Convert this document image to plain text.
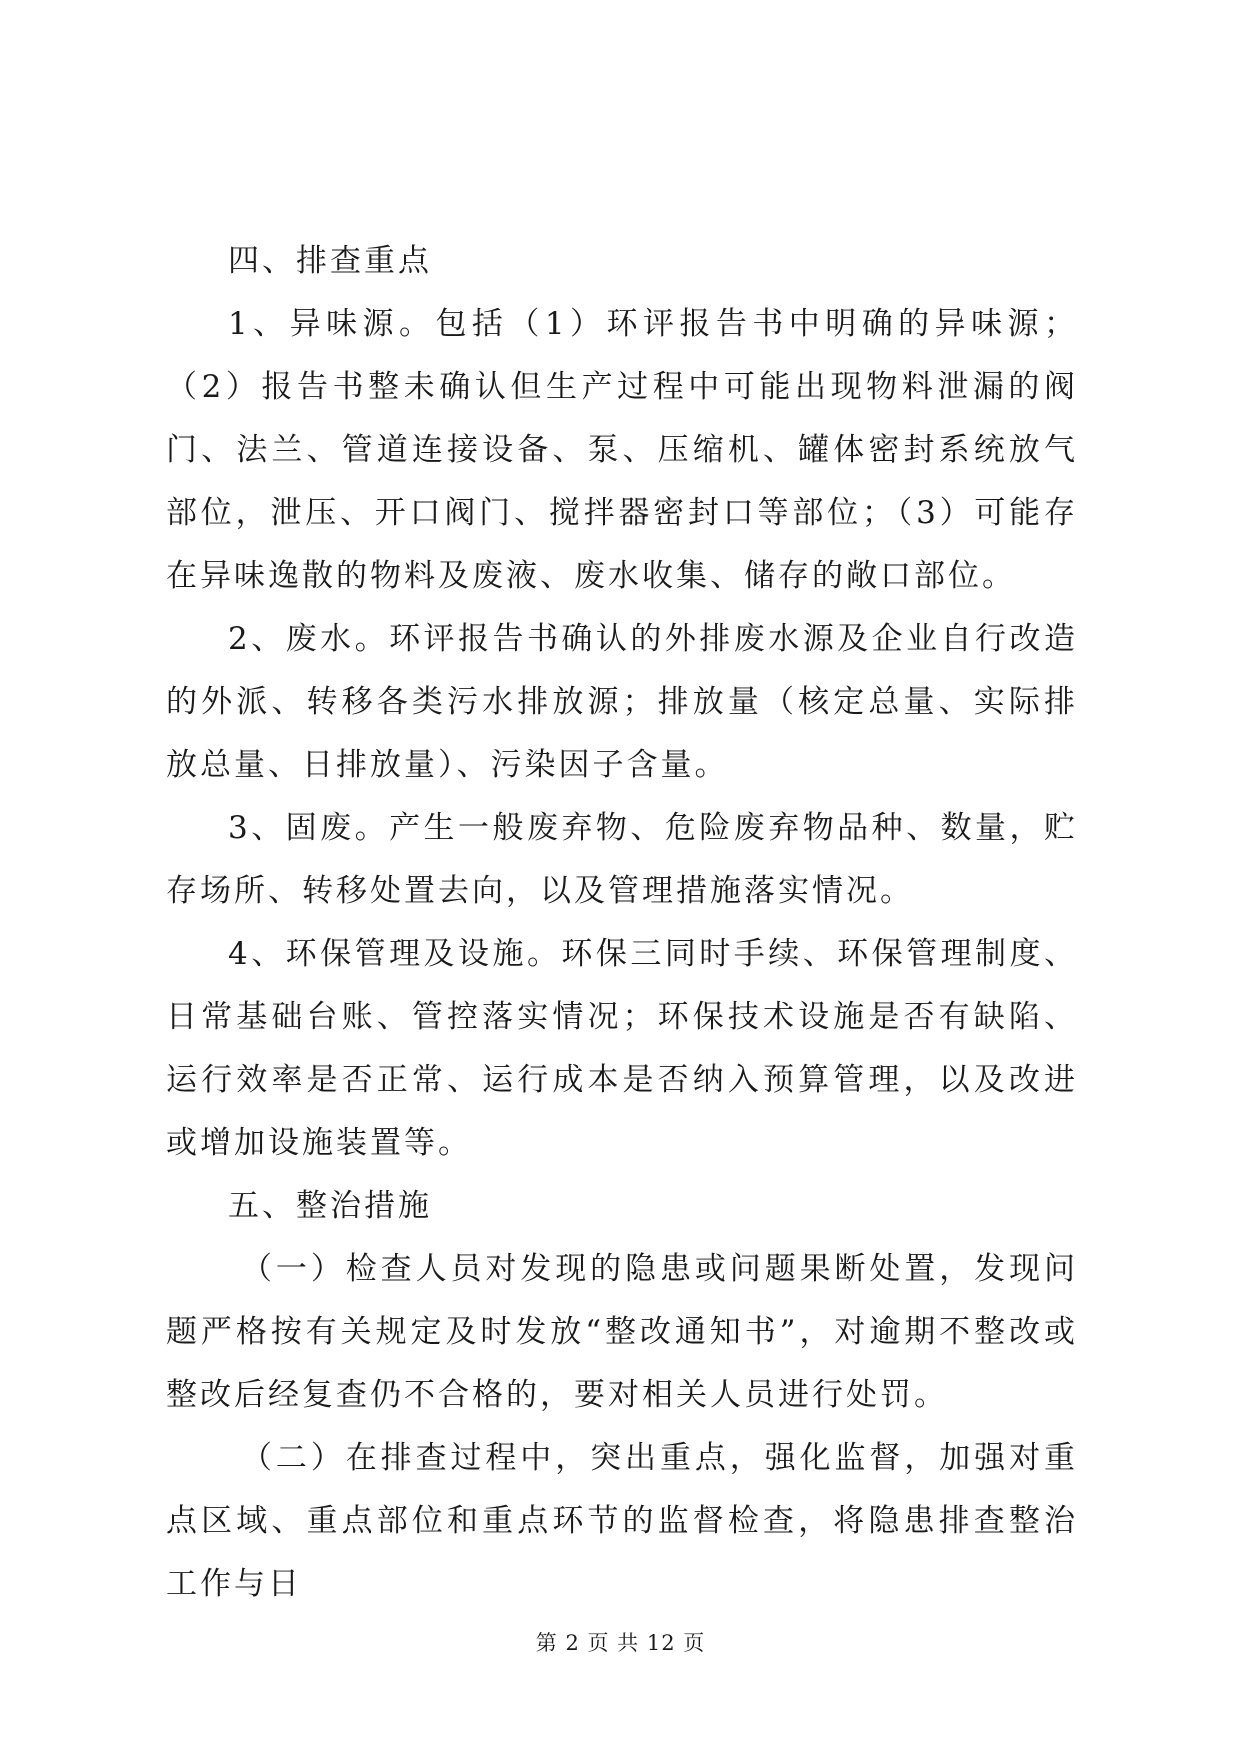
四、排查重点

1、异味源。包括（1）环评报告书中明确的异味源；（2）报告书整未确认但生产过程中可能出现物料泄漏的阀门、法兰、管道连接设备、泵、压缩机、罐体密封系统放气部位，泄压、开口阀门、搅拌器密封口等部位；（3）可能存在异味逸散的物料及废液、废水收集、储存的敞口部位。

2、废水。环评报告书确认的外排废水源及企业自行改造的外派、转移各类污水排放源；排放量（核定总量、实际排放总量、日排放量）、污染因子含量。

3、固废。产生一般废弃物、危险废弃物品种、数量，贮存场所、转移处置去向，以及管理措施落实情况。

4、环保管理及设施。环保三同时手续、环保管理制度、日常基础台账、管控落实情况；环保技术设施是否有缺陷、运行效率是否正常、运行成本是否纳入预算管理，以及改进或增加设施装置等。

五、整治措施

（一）检查人员对发现的隐患或问题果断处置，发现问题严格按有关规定及时发放“整改通知书”，对逾期不整改或整改后经复查仍不合格的，要对相关人员进行处罚。

（二）在排查过程中，突出重点，强化监督，加强对重点区域、重点部位和重点环节的监督检查，将隐患排查整治工作与日

第 2 页 共 12 页
